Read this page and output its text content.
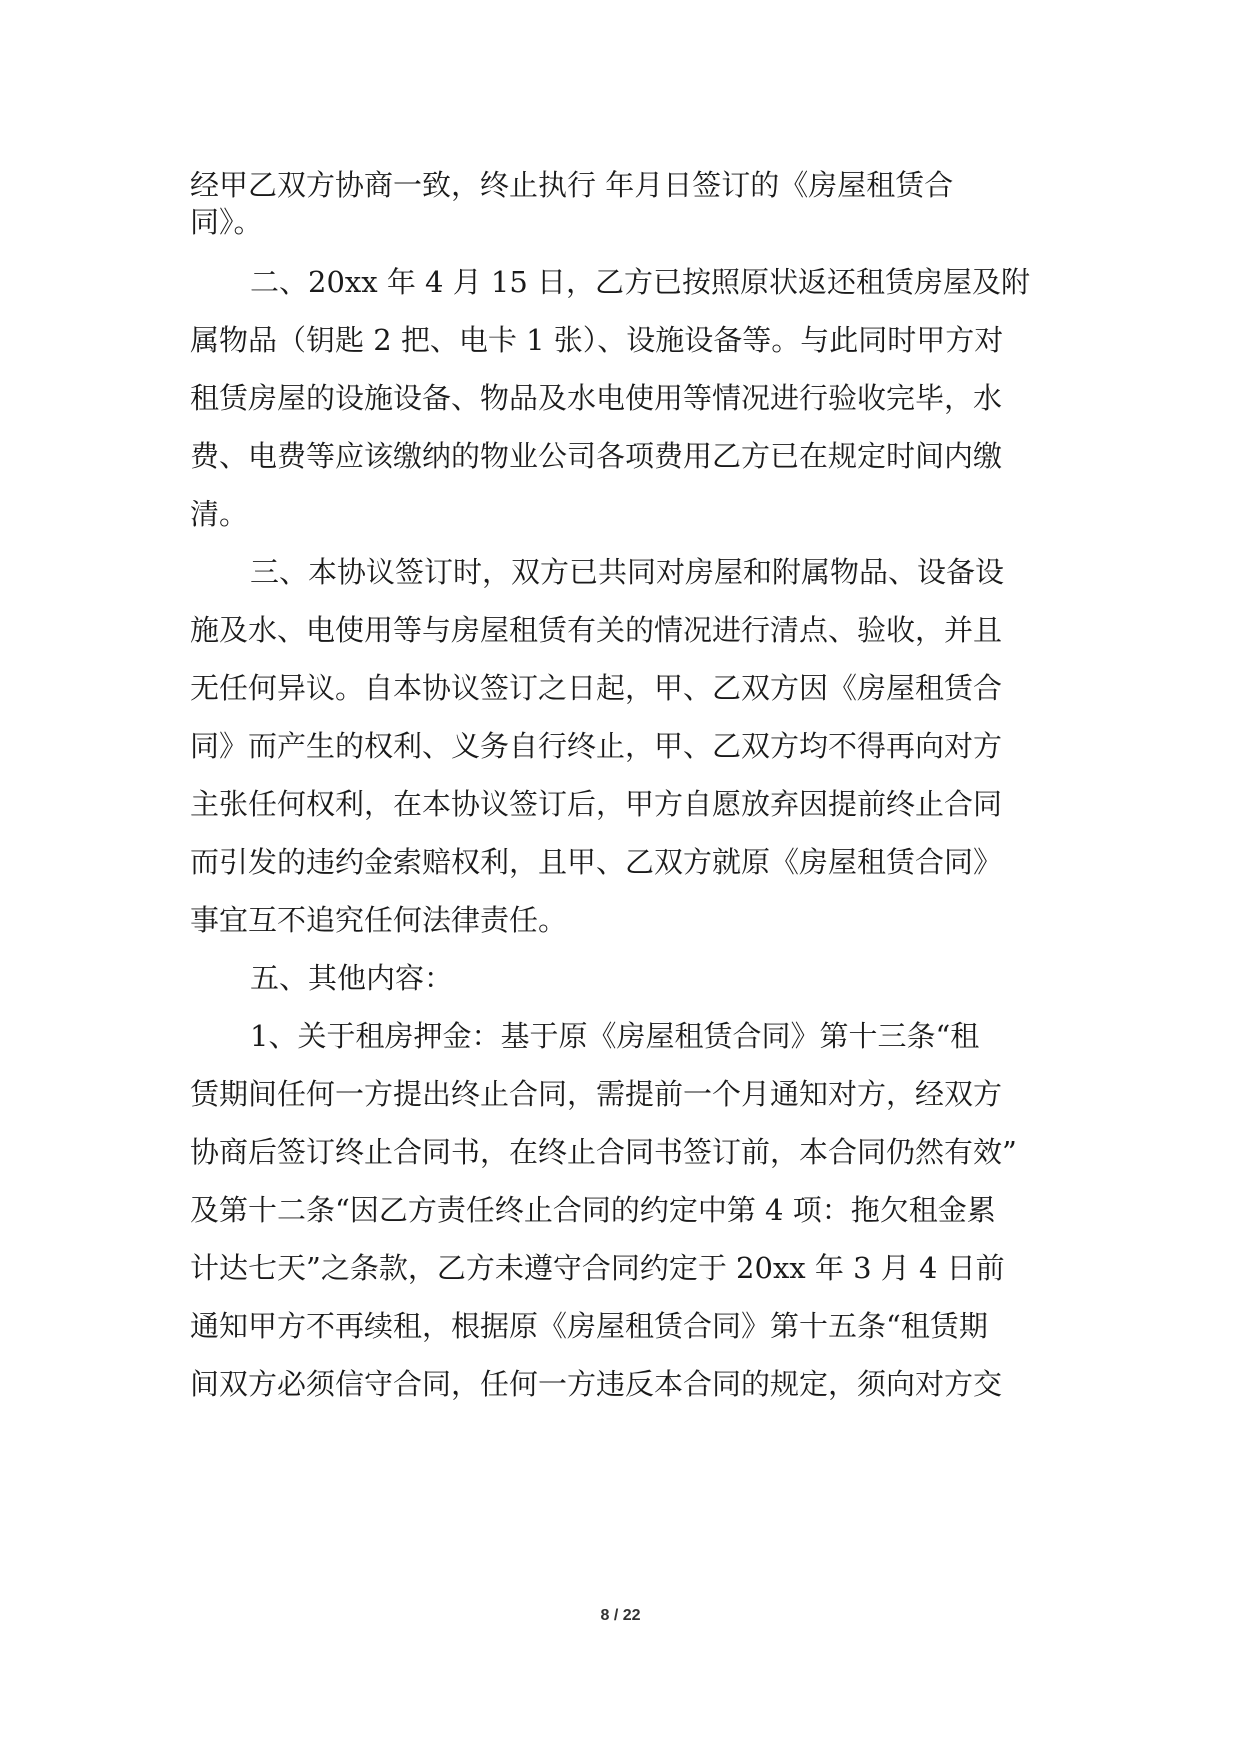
经甲乙双方协商一致，终止执行 年月日签订的《房屋租赁合

同》。

二、20xx 年 4 月 15 日，乙方已按照原状返还租赁房屋及附

属物品（钥匙 2 把、电卡 1 张）、设施设备等。与此同时甲方对

租赁房屋的设施设备、物品及水电使用等情况进行验收完毕，水

费、电费等应该缴纳的物业公司各项费用乙方已在规定时间内缴

清。

三、本协议签订时，双方已共同对房屋和附属物品、设备设

施及水、电使用等与房屋租赁有关的情况进行清点、验收，并且

无任何异议。自本协议签订之日起，甲、乙双方因《房屋租赁合

同》而产生的权利、义务自行终止，甲、乙双方均不得再向对方

主张任何权利，在本协议签订后，甲方自愿放弃因提前终止合同

而引发的违约金索赔权利，且甲、乙双方就原《房屋租赁合同》

事宜互不追究任何法律责任。

五、其他内容：

1、关于租房押金：基于原《房屋租赁合同》第十三条“租

赁期间任何一方提出终止合同，需提前一个月通知对方，经双方

协商后签订终止合同书，在终止合同书签订前，本合同仍然有效”

及第十二条“因乙方责任终止合同的约定中第 4 项：拖欠租金累

计达七天”之条款，乙方未遵守合同约定于 20xx 年 3 月 4 日前

通知甲方不再续租，根据原《房屋租赁合同》第十五条“租赁期

间双方必须信守合同，任何一方违反本合同的规定，须向对方交

8 / 22
